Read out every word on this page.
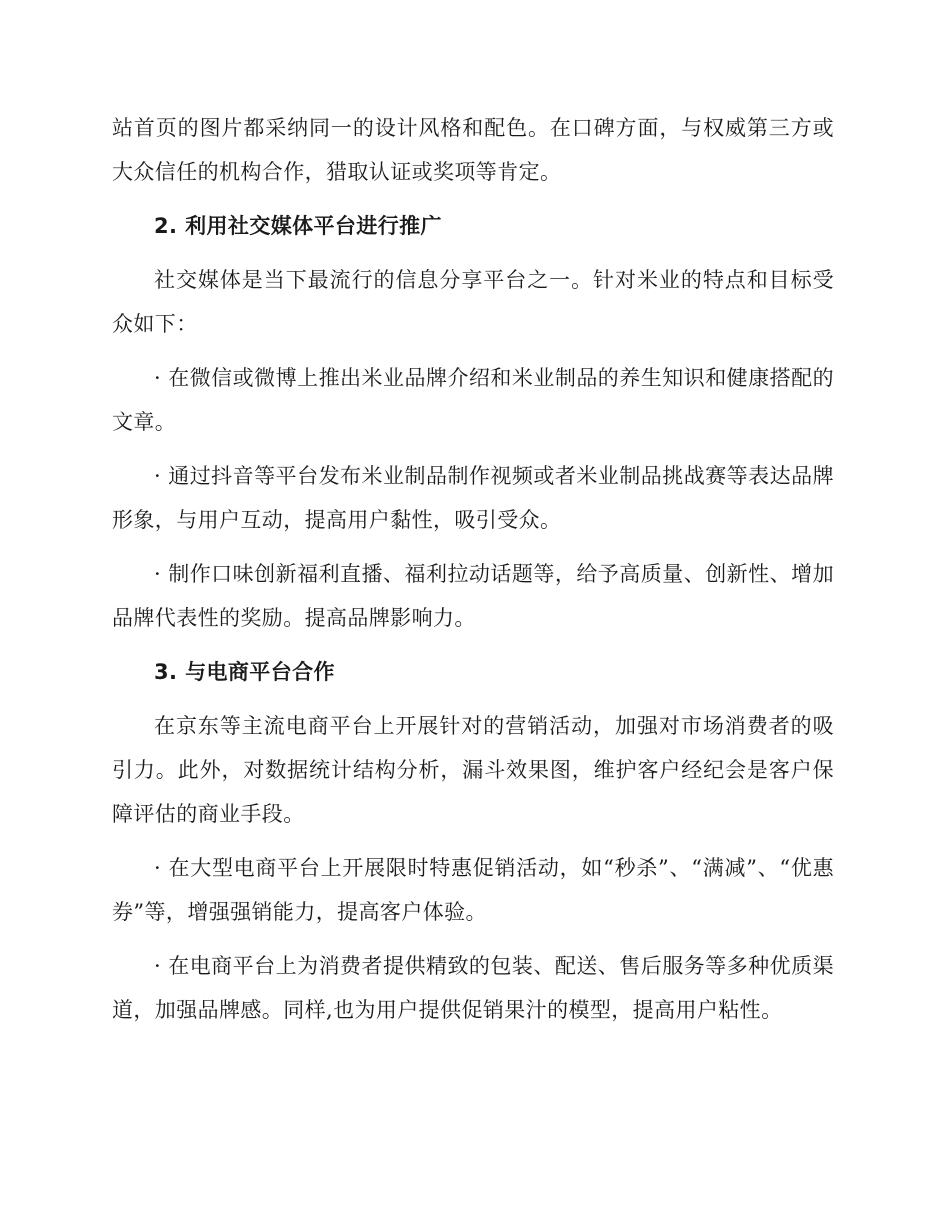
站首页的图片都采纳同一的设计风格和配色。在口碑方面，与权威第三方或大众信任的机构合作，猎取认证或奖项等肯定。

2. 利用社交媒体平台进行推广

社交媒体是当下最流行的信息分享平台之一。针对米业的特点和目标受众如下：

· 在微信或微博上推出米业品牌介绍和米业制品的养生知识和健康搭配的文章。

· 通过抖音等平台发布米业制品制作视频或者米业制品挑战赛等表达品牌形象，与用户互动，提高用户黏性，吸引受众。

· 制作口味创新福利直播、福利拉动话题等，给予高质量、创新性、增加品牌代表性的奖励。提高品牌影响力。

3. 与电商平台合作

在京东等主流电商平台上开展针对的营销活动，加强对市场消费者的吸引力。此外，对数据统计结构分析，漏斗效果图，维护客户经纪会是客户保障评估的商业手段。

· 在大型电商平台上开展限时特惠促销活动，如“秒杀”、“满减”、“优惠券”等，增强强销能力，提高客户体验。

· 在电商平台上为消费者提供精致的包装、配送、售后服务等多种优质渠道，加强品牌感。同样,也为用户提供促销果汁的模型，提高用户粘性。
